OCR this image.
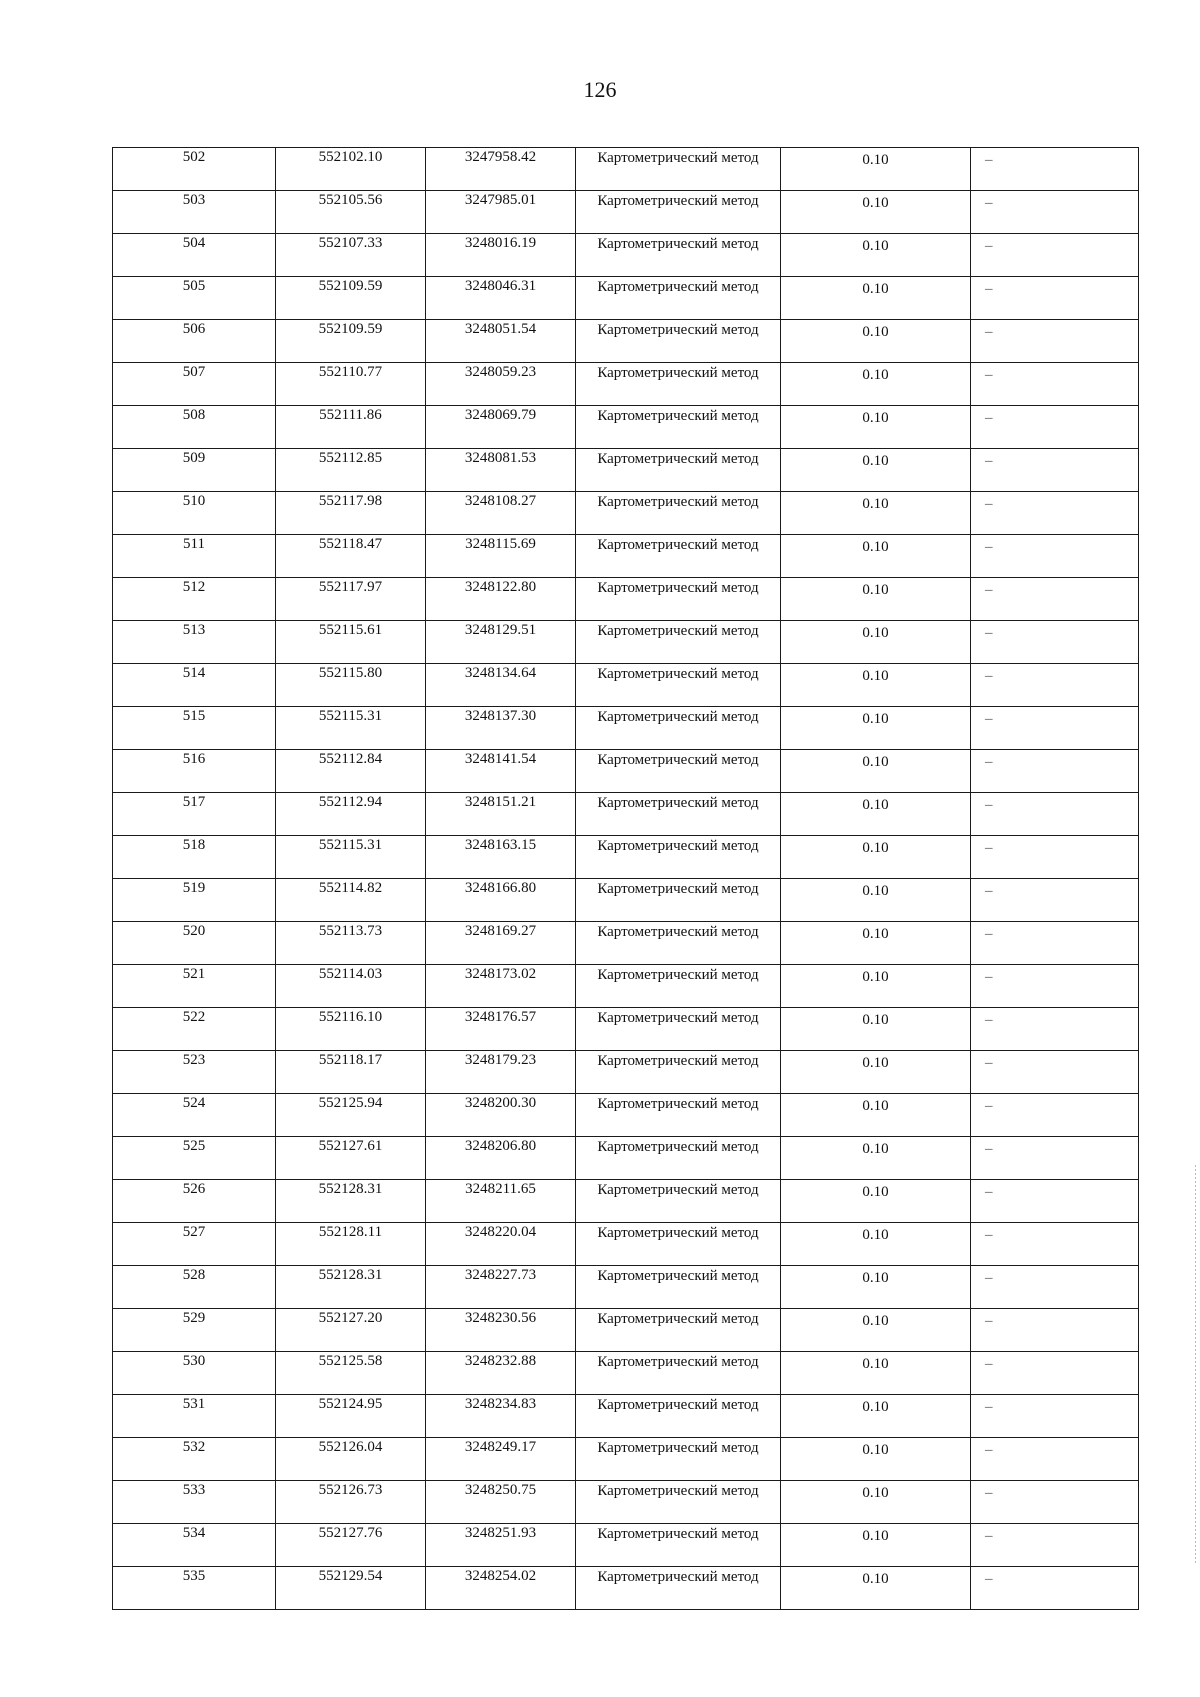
126
502	552102.10	3247958.42	Картометрический метод	0.10	–
503	552105.56	3247985.01	Картометрический метод	0.10	–
504	552107.33	3248016.19	Картометрический метод	0.10	–
505	552109.59	3248046.31	Картометрический метод	0.10	–
506	552109.59	3248051.54	Картометрический метод	0.10	–
507	552110.77	3248059.23	Картометрический метод	0.10	–
508	552111.86	3248069.79	Картометрический метод	0.10	–
509	552112.85	3248081.53	Картометрический метод	0.10	–
510	552117.98	3248108.27	Картометрический метод	0.10	–
511	552118.47	3248115.69	Картометрический метод	0.10	–
512	552117.97	3248122.80	Картометрический метод	0.10	–
513	552115.61	3248129.51	Картометрический метод	0.10	–
514	552115.80	3248134.64	Картометрический метод	0.10	–
515	552115.31	3248137.30	Картометрический метод	0.10	–
516	552112.84	3248141.54	Картометрический метод	0.10	–
517	552112.94	3248151.21	Картометрический метод	0.10	–
518	552115.31	3248163.15	Картометрический метод	0.10	–
519	552114.82	3248166.80	Картометрический метод	0.10	–
520	552113.73	3248169.27	Картометрический метод	0.10	–
521	552114.03	3248173.02	Картометрический метод	0.10	–
522	552116.10	3248176.57	Картометрический метод	0.10	–
523	552118.17	3248179.23	Картометрический метод	0.10	–
524	552125.94	3248200.30	Картометрический метод	0.10	–
525	552127.61	3248206.80	Картометрический метод	0.10	–
526	552128.31	3248211.65	Картометрический метод	0.10	–
527	552128.11	3248220.04	Картометрический метод	0.10	–
528	552128.31	3248227.73	Картометрический метод	0.10	–
529	552127.20	3248230.56	Картометрический метод	0.10	–
530	552125.58	3248232.88	Картометрический метод	0.10	–
531	552124.95	3248234.83	Картометрический метод	0.10	–
532	552126.04	3248249.17	Картометрический метод	0.10	–
533	552126.73	3248250.75	Картометрический метод	0.10	–
534	552127.76	3248251.93	Картометрический метод	0.10	–
535	552129.54	3248254.02	Картометрический метод	0.10	–
